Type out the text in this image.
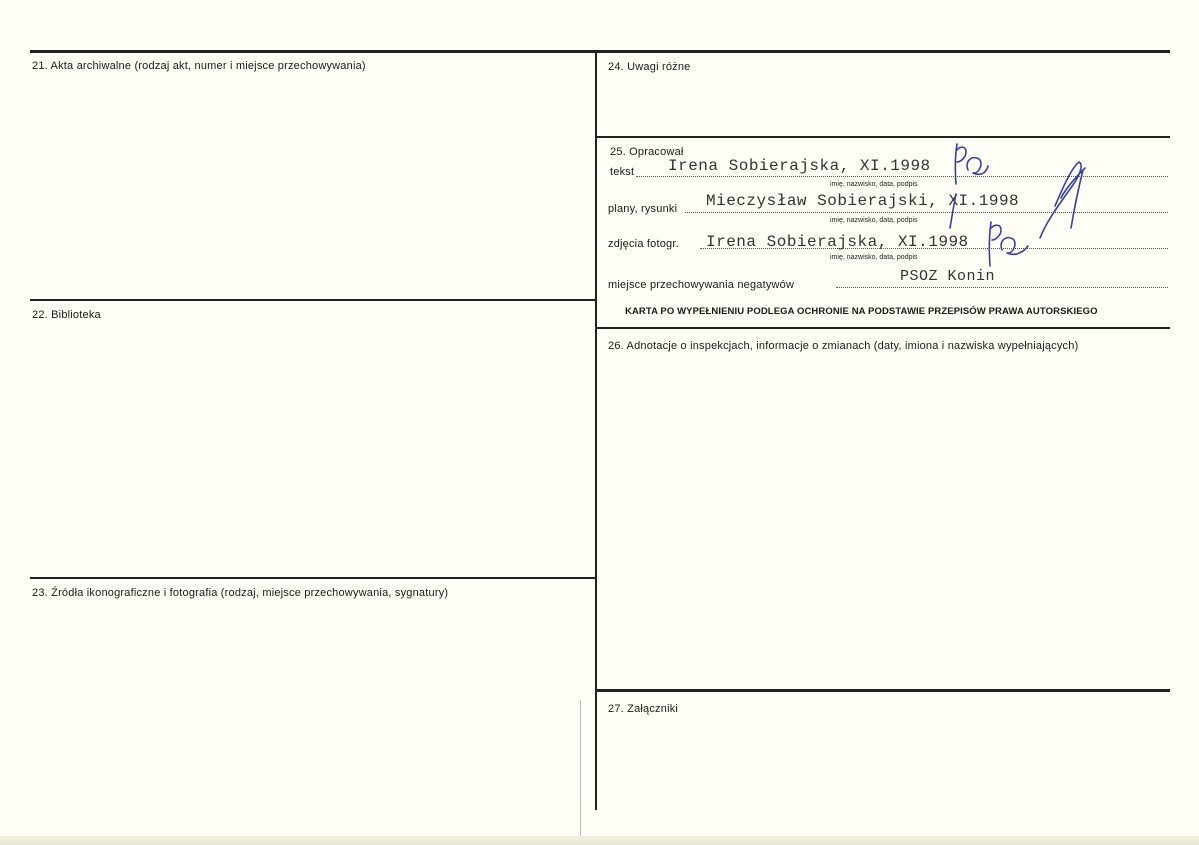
21. Akta archiwalne (rodzaj akt, numer i miejsce przechowywania)
22. Biblioteka
23. Źródła ikonograficzne i fotografia (rodzaj, miejsce przechowywania, sygnatury)
24. Uwagi różne
25. Opracował
tekst Irena Sobierajska, XI.1998
imię, nazwisko, data, podpis
plany, rysunki Mieczysław Sobierajski, XI.1998
imię, nazwisko, data, podpis
zdjęcia fotogr. Irena Sobierajska, XI.1998
imię, nazwisko, data, podpis
miejsce przechowywania negatywów	PSOZ Konin
KARTA PO WYPEŁNIENIU PODLEGA OCHRONIE NA PODSTAWIE PRZEPISÓW PRAWA AUTORSKIEGO
26. Adnotacje o inspekcjach, informacje o zmianach (daty, imiona i nazwiska wypełniających)
27. Załączniki
